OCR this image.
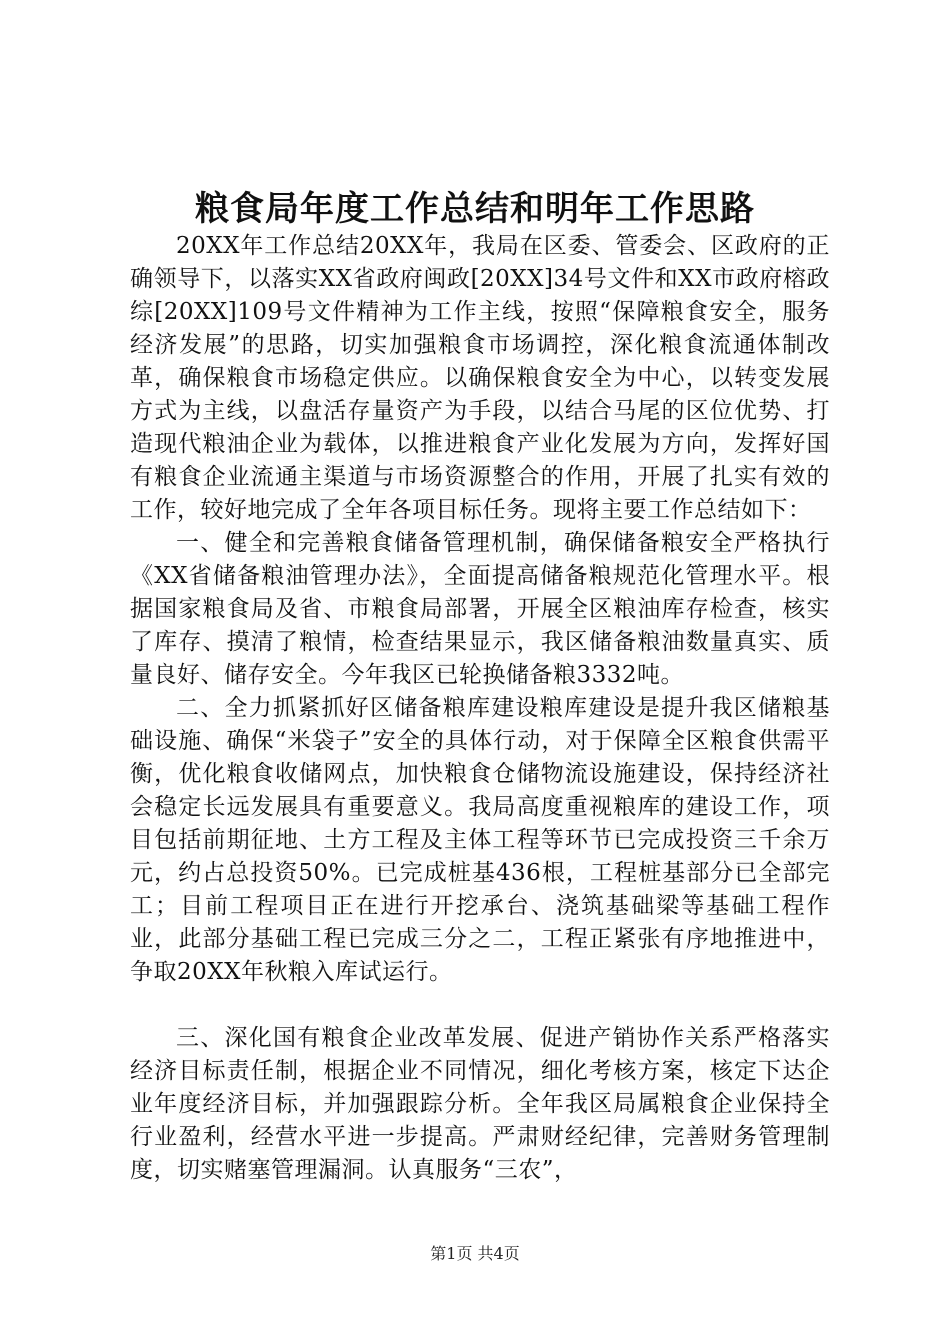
粮食局年度工作总结和明年工作思路

20XX年工作总结20XX年，我局在区委、管委会、区政府的正确领导下，以落实XX省政府闽政[20XX]34号文件和XX市政府榕政综[20XX]109号文件精神为工作主线，按照“保障粮食安全，服务经济发展”的思路，切实加强粮食市场调控，深化粮食流通体制改革，确保粮食市场稳定供应。以确保粮食安全为中心，以转变发展方式为主线，以盘活存量资产为手段，以结合马尾的区位优势、打造现代粮油企业为载体，以推进粮食产业化发展为方向，发挥好国有粮食企业流通主渠道与市场资源整合的作用，开展了扎实有效的工作，较好地完成了全年各项目标任务。现将主要工作总结如下：

一、健全和完善粮食储备管理机制，确保储备粮安全严格执行《XX省储备粮油管理办法》，全面提高储备粮规范化管理水平。根据国家粮食局及省、市粮食局部署，开展全区粮油库存检查，核实了库存、摸清了粮情，检查结果显示，我区储备粮油数量真实、质量良好、储存安全。今年我区已轮换储备粮3332吨。

二、全力抓紧抓好区储备粮库建设粮库建设是提升我区储粮基础设施、确保“米袋子”安全的具体行动，对于保障全区粮食供需平衡，优化粮食收储网点，加快粮食仓储物流设施建设，保持经济社会稳定长远发展具有重要意义。我局高度重视粮库的建设工作，项目包括前期征地、土方工程及主体工程等环节已完成投资三千余万元，约占总投资50%。已完成桩基436根，工程桩基部分已全部完工；目前工程项目正在进行开挖承台、浇筑基础梁等基础工程作业，此部分基础工程已完成三分之二，工程正紧张有序地推进中，争取20XX年秋粮入库试运行。

三、深化国有粮食企业改革发展、促进产销协作关系严格落实经济目标责任制，根据企业不同情况，细化考核方案，核定下达企业年度经济目标，并加强跟踪分析。全年我区局属粮食企业保持全行业盈利，经营水平进一步提高。严肃财经纪律，完善财务管理制度，切实赌塞管理漏洞。认真服务“三农”，

第1页 共4页
